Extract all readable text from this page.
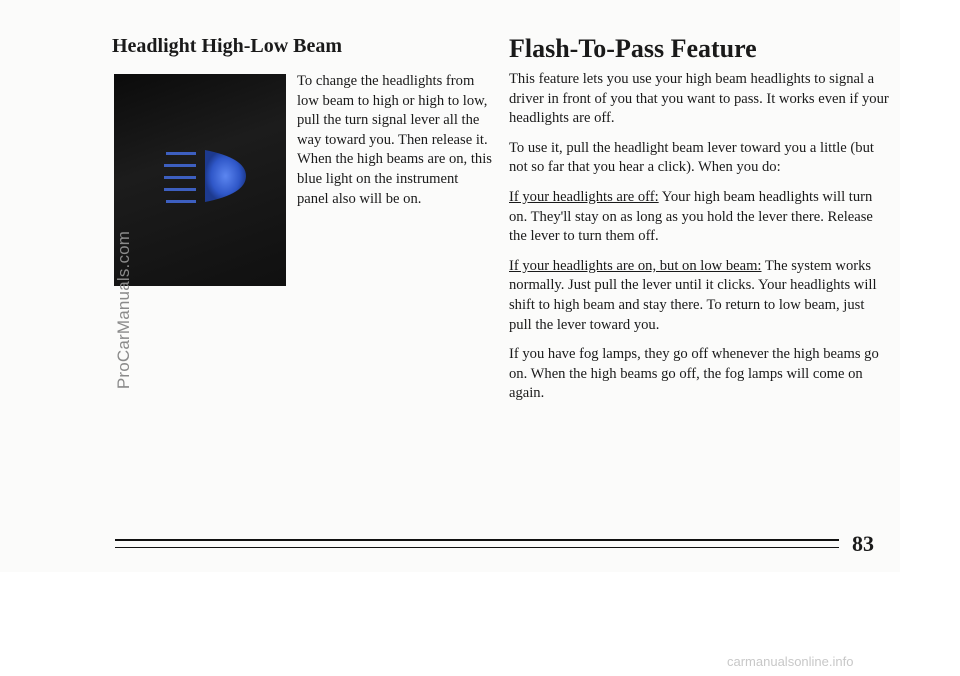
Headlight High-Low Beam

To change the headlights from low beam to high or high to low, pull the turn signal lever all the way toward you. Then release it. When the high beams are on, this blue light on the instrument panel also will be on.

Flash-To-Pass Feature

This feature lets you use your high beam headlights to signal a driver in front of you that you want to pass. It works even if your headlights are off.

To use it, pull the headlight beam lever toward you a little (but not so far that you hear a click). When you do:

If your headlights are off: Your high beam headlights will turn on. They'll stay on as long as you hold the lever there. Release the lever to turn them off.

If your headlights are on, but on low beam: The system works normally. Just pull the lever until it clicks. Your headlights will shift to high beam and stay there. To return to low beam, just pull the lever toward you.

If you have fog lamps, they go off whenever the high beams go on. When the high beams go off, the fog lamps will come on again.

83
ProCarManuals.com
carmanualsonline.info
